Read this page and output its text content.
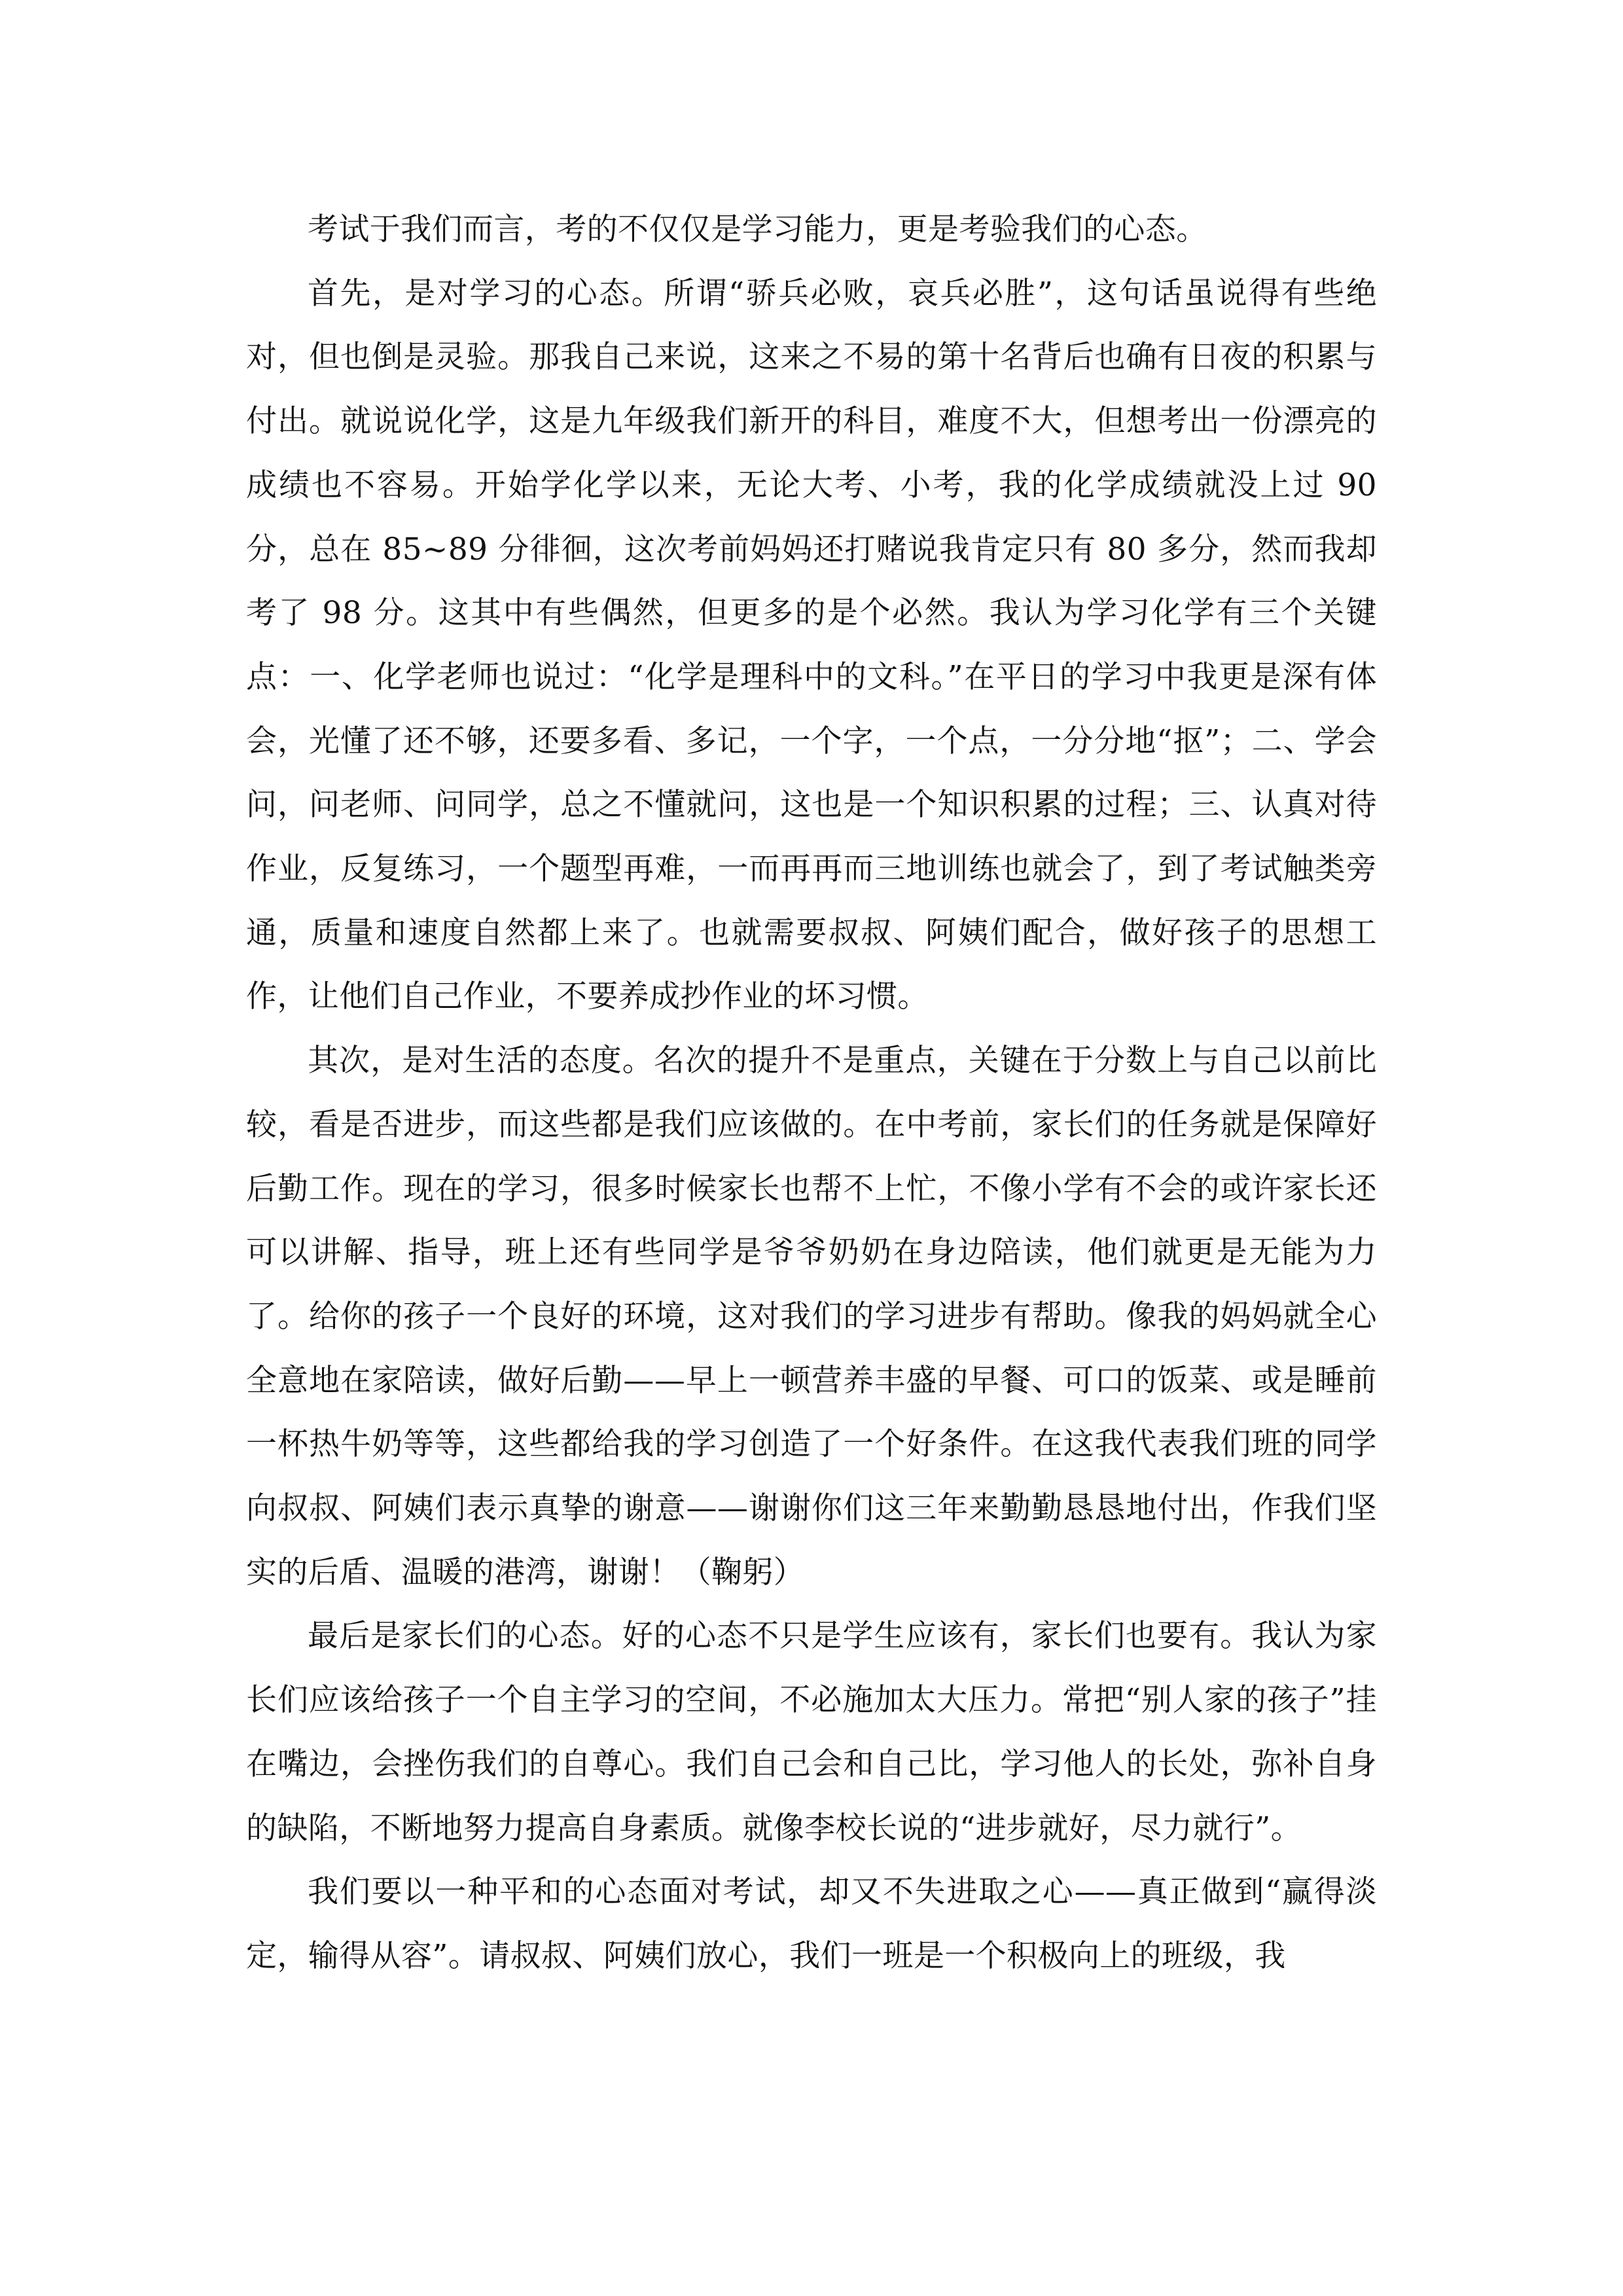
考试于我们而言，考的不仅仅是学习能力，更是考验我们的心态。

首先，是对学习的心态。所谓“骄兵必败，哀兵必胜”，这句话虽说得有些绝对，但也倒是灵验。那我自己来说，这来之不易的第十名背后也确有日夜的积累与付出。就说说化学，这是九年级我们新开的科目，难度不大，但想考出一份漂亮的成绩也不容易。开始学化学以来，无论大考、小考，我的化学成绩就没上过 90 分，总在 85~89 分徘徊，这次考前妈妈还打赌说我肯定只有 80 多分，然而我却考了 98 分。这其中有些偶然，但更多的是个必然。我认为学习化学有三个关键点：一、化学老师也说过：“化学是理科中的文科。”在平日的学习中我更是深有体会，光懂了还不够，还要多看、多记，一个字，一个点，一分分地“抠”；二、学会问，问老师、问同学，总之不懂就问，这也是一个知识积累的过程；三、认真对待作业，反复练习，一个题型再难，一而再再而三地训练也就会了，到了考试触类旁通，质量和速度自然都上来了。也就需要叔叔、阿姨们配合，做好孩子的思想工作，让他们自己作业，不要养成抄作业的坏习惯。

其次，是对生活的态度。名次的提升不是重点，关键在于分数上与自己以前比较，看是否进步，而这些都是我们应该做的。在中考前，家长们的任务就是保障好后勤工作。现在的学习，很多时候家长也帮不上忙，不像小学有不会的或许家长还可以讲解、指导，班上还有些同学是爷爷奶奶在身边陪读，他们就更是无能为力了。给你的孩子一个良好的环境，这对我们的学习进步有帮助。像我的妈妈就全心全意地在家陪读，做好后勤——早上一顿营养丰盛的早餐、可口的饭菜、或是睡前一杯热牛奶等等，这些都给我的学习创造了一个好条件。在这我代表我们班的同学向叔叔、阿姨们表示真挚的谢意——谢谢你们这三年来勤勤恳恳地付出，作我们坚实的后盾、温暖的港湾，谢谢！（鞠躬）

最后是家长们的心态。好的心态不只是学生应该有，家长们也要有。我认为家长们应该给孩子一个自主学习的空间，不必施加太大压力。常把“别人家的孩子”挂在嘴边，会挫伤我们的自尊心。我们自己会和自己比，学习他人的长处，弥补自身的缺陷，不断地努力提高自身素质。就像李校长说的“进步就好，尽力就行”。

我们要以一种平和的心态面对考试，却又不失进取之心——真正做到“赢得淡定，输得从容”。请叔叔、阿姨们放心，我们一班是一个积极向上的班级，我
